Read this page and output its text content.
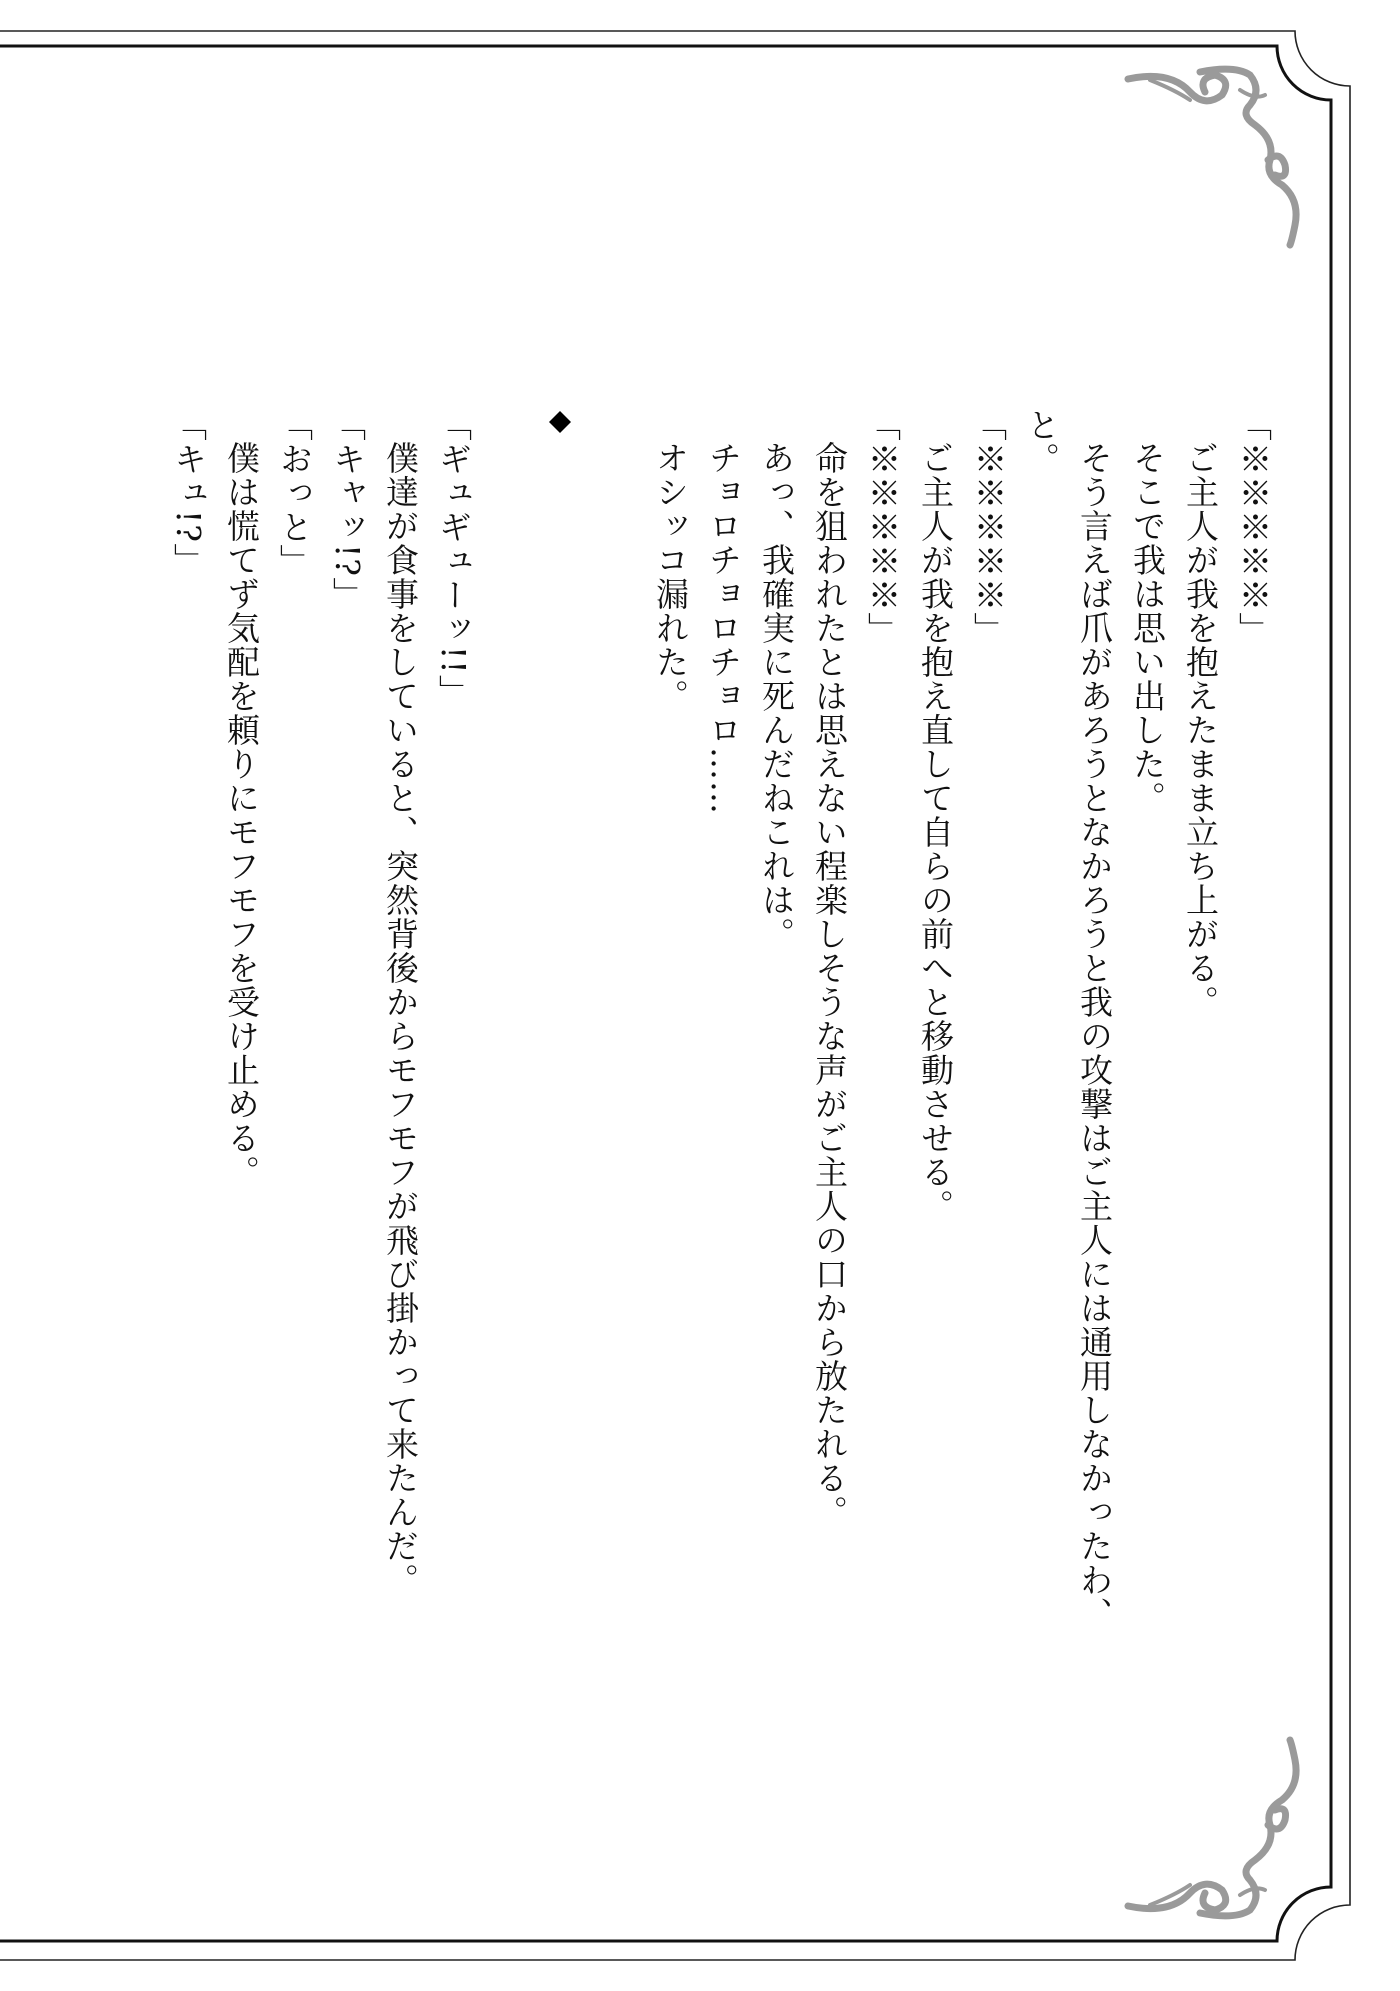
「※※※※※」
ご主人が我を抱えたまま立ち上がる。
そこで我は思い出した。
そう言えば爪があろうとなかろうと我の攻撃はご主人には通用しなかったわ、
と。
「※※※※※」
ご主人が我を抱え直して自らの前へと移動させる。
「※※※※※」
命を狙われたとは思えない程楽しそうな声がご主人の口から放たれる。
あっ、我確実に死んだねこれは。
チョロチョロチョロ……
オシッコ漏れた。
「ギュギューッ!!」
僕達が食事をしていると、突然背後からモフモフが飛び掛かって来たんだ。
「キャッ!?」
「おっと」
僕は慌てず気配を頼りにモフモフを受け止める。
「キュ!?」
